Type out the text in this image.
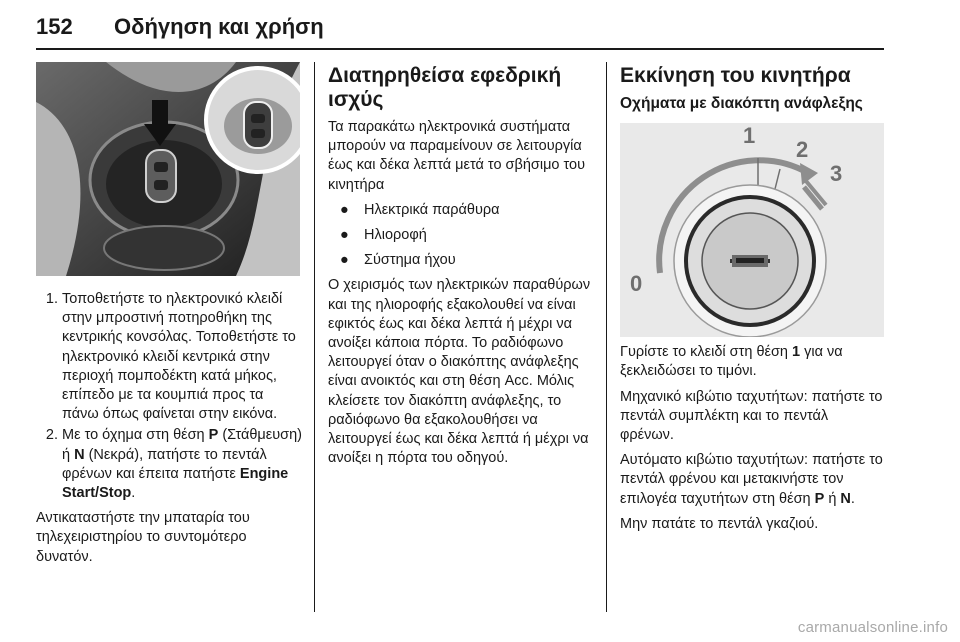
152 Οδήγηση και χρήση
1. Τοποθετήστε το ηλεκτρονικό κλειδί στην μπροστινή ποτηροθήκη της κεντρικής κονσόλας. Τοποθετήστε το ηλεκτρονικό κλειδί κεντρικά στην περιοχή πομποδέκτη κατά μήκος, επίπεδο με τα κουμπιά προς τα πάνω όπως φαίνεται στην εικόνα.
2. Με το όχημα στη θέση P (Στάθμευση) ή N (Νεκρά), πατήστε το πεντάλ φρένων και έπειτα πατήστε Engine Start/Stop.

Αντικαταστήστε την μπαταρία του τηλεχειριστηρίου το συντομότερο δυνατόν.

Διατηρηθείσα εφεδρική ισχύς

Τα παρακάτω ηλεκτρονικά συστήματα μπορούν να παραμείνουν σε λειτουργία έως και δέκα λεπτά μετά το σβήσιμο του κινητήρα

● Ηλεκτρικά παράθυρα
● Ηλιοροφή
● Σύστημα ήχου

Ο χειρισμός των ηλεκτρικών παραθύρων και της ηλιοροφής εξακολουθεί να είναι εφικτός έως και δέκα λεπτά ή μέχρι να ανοίξει κάποια πόρτα. Το ραδιόφωνο λειτουργεί όταν ο διακόπτης ανάφλεξης είναι ανοικτός και στη θέση Acc. Μόλις κλείσετε τον διακόπτη ανάφλεξης, το ραδιόφωνο θα εξακολουθήσει να λειτουργεί έως και δέκα λεπτά ή μέχρι να ανοίξει η πόρτα του οδηγού.

Εκκίνηση του κινητήρα
Οχήματα με διακόπτη ανάφλεξης
1
2
3
0

Γυρίστε το κλειδί στη θέση 1 για να ξεκλειδώσει το τιμόνι.

Μηχανικό κιβώτιο ταχυτήτων: πατήστε το πεντάλ συμπλέκτη και το πεντάλ φρένων.

Αυτόματο κιβώτιο ταχυτήτων: πατήστε το πεντάλ φρένου και μετακινήστε τον επιλογέα ταχυτήτων στη θέση P ή N.

Μην πατάτε το πεντάλ γκαζιού.

carmanualsonline.info
